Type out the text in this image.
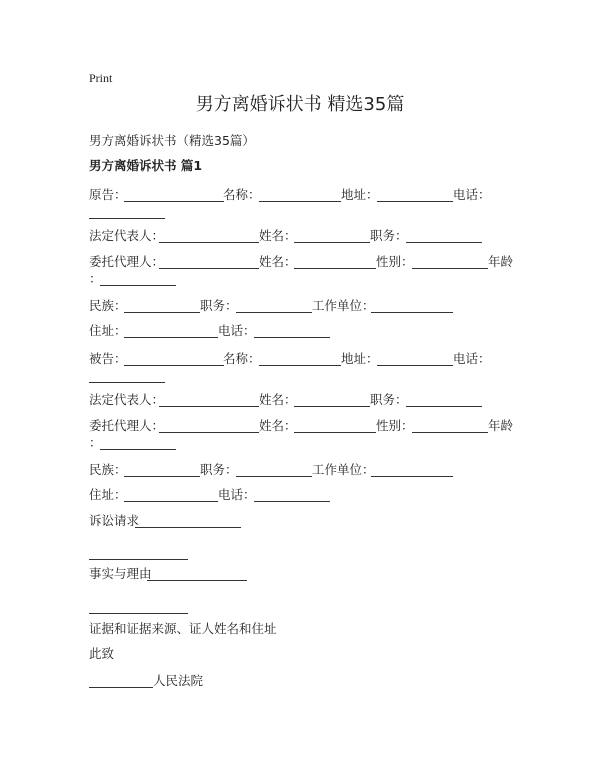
Print
男方离婚诉状书 精选35篇
男方离婚诉状书（精选35篇）
男方离婚诉状书 篇1
原告：	名称：	地址：	电话：
法定代表人：	姓名：	职务：
委托代理人：	姓名：	性别：	年龄
：
民族：	职务：	工作单位：
住址：	电话：
被告：	名称：	地址：	电话：
法定代表人：	姓名：	职务：
委托代理人：	姓名：	性别：	年龄
：
民族：	职务：	工作单位：
住址：	电话：
诉讼请求
事实与理由
证据和证据来源、证人姓名和住址
此致
人民法院
